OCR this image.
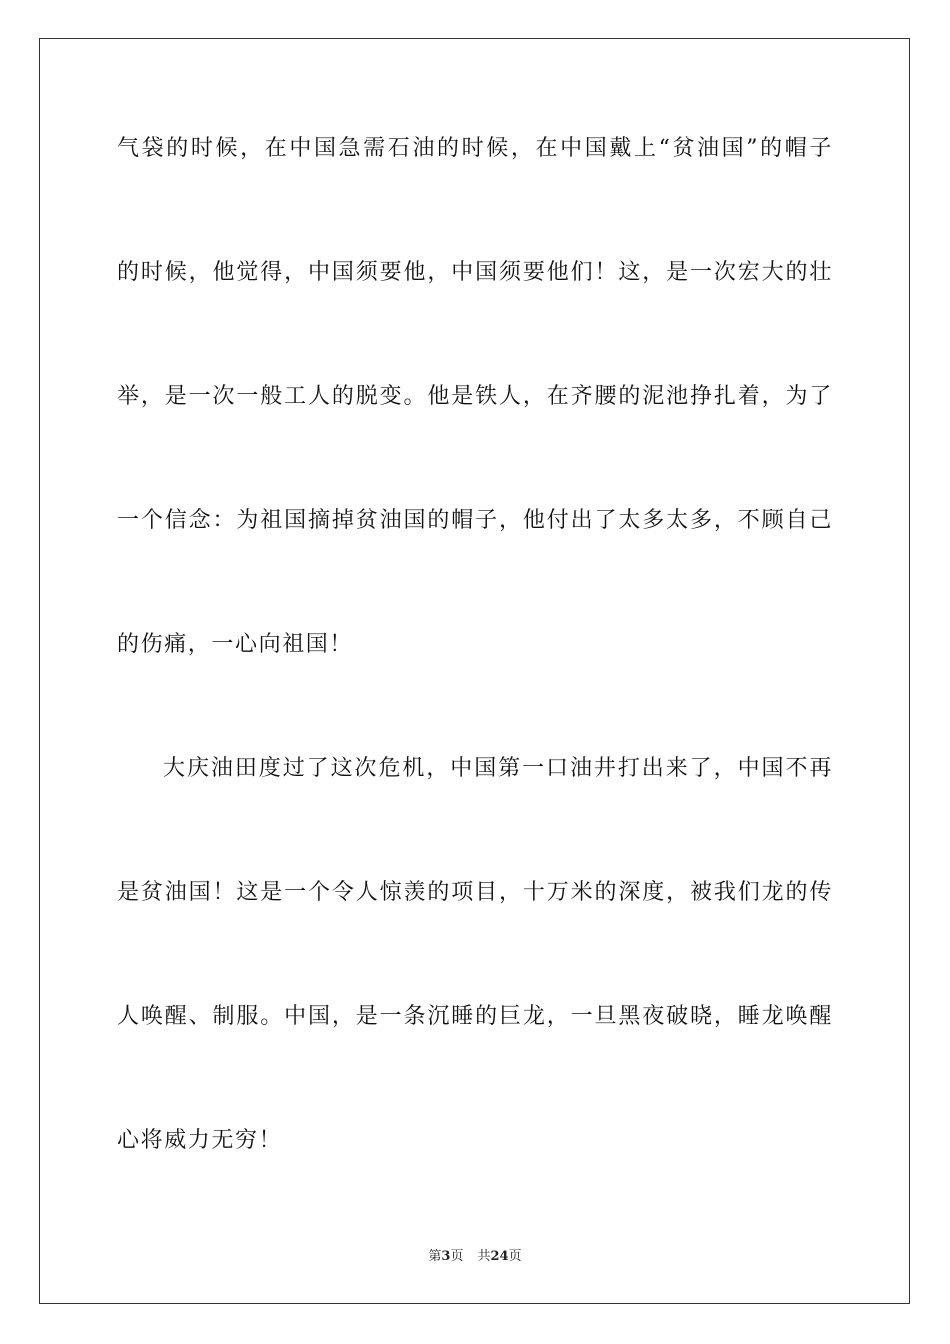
气袋的时候，在中国急需石油的时候，在中国戴上“贫油国”的帽子
的时候，他觉得，中国须要他，中国须要他们！这，是一次宏大的壮
举，是一次一般工人的脱变。他是铁人，在齐腰的泥池挣扎着，为了
一个信念：为祖国摘掉贫油国的帽子，他付出了太多太多，不顾自己
的伤痛，一心向祖国！
大庆油田度过了这次危机，中国第一口油井打出来了，中国不再
是贫油国！这是一个令人惊羡的项目，十万米的深度，被我们龙的传
人唤醒、制服。中国，是一条沉睡的巨龙，一旦黑夜破晓，睡龙唤醒
心将威力无穷！
第3页 共24页
